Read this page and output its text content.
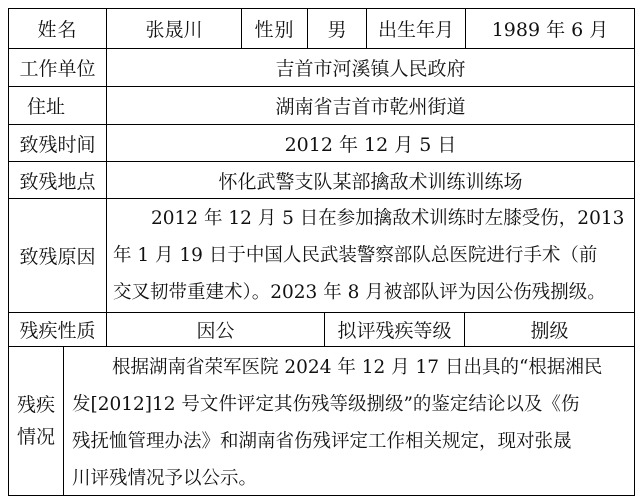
姓名	张晟川	性别	男	出生年月	1989 年 6 月
工作单位	吉首市河溪镇人民政府
住址	湖南省吉首市乾州街道
致残时间	2012 年 12 月 5 日
致残地点	怀化武警支队某部擒敌术训练训练场
致残原因
2012 年 12 月 5 日在参加擒敌术训练时左膝受伤，2013
年 1 月 19 日于中国人民武装警察部队总医院进行手术（前
交叉韧带重建术）。2023 年 8 月被部队评为因公伤残捌级。
残疾性质	因公	拟评残疾等级	捌级
残疾
情况
根据湖南省荣军医院 2024 年 12 月 17 日出具的“根据湘民
发[2012]12 号文件评定其伤残等级捌级”的鉴定结论以及《伤
残抚恤管理办法》和湖南省伤残评定工作相关规定，现对张晟
川评残情况予以公示。
